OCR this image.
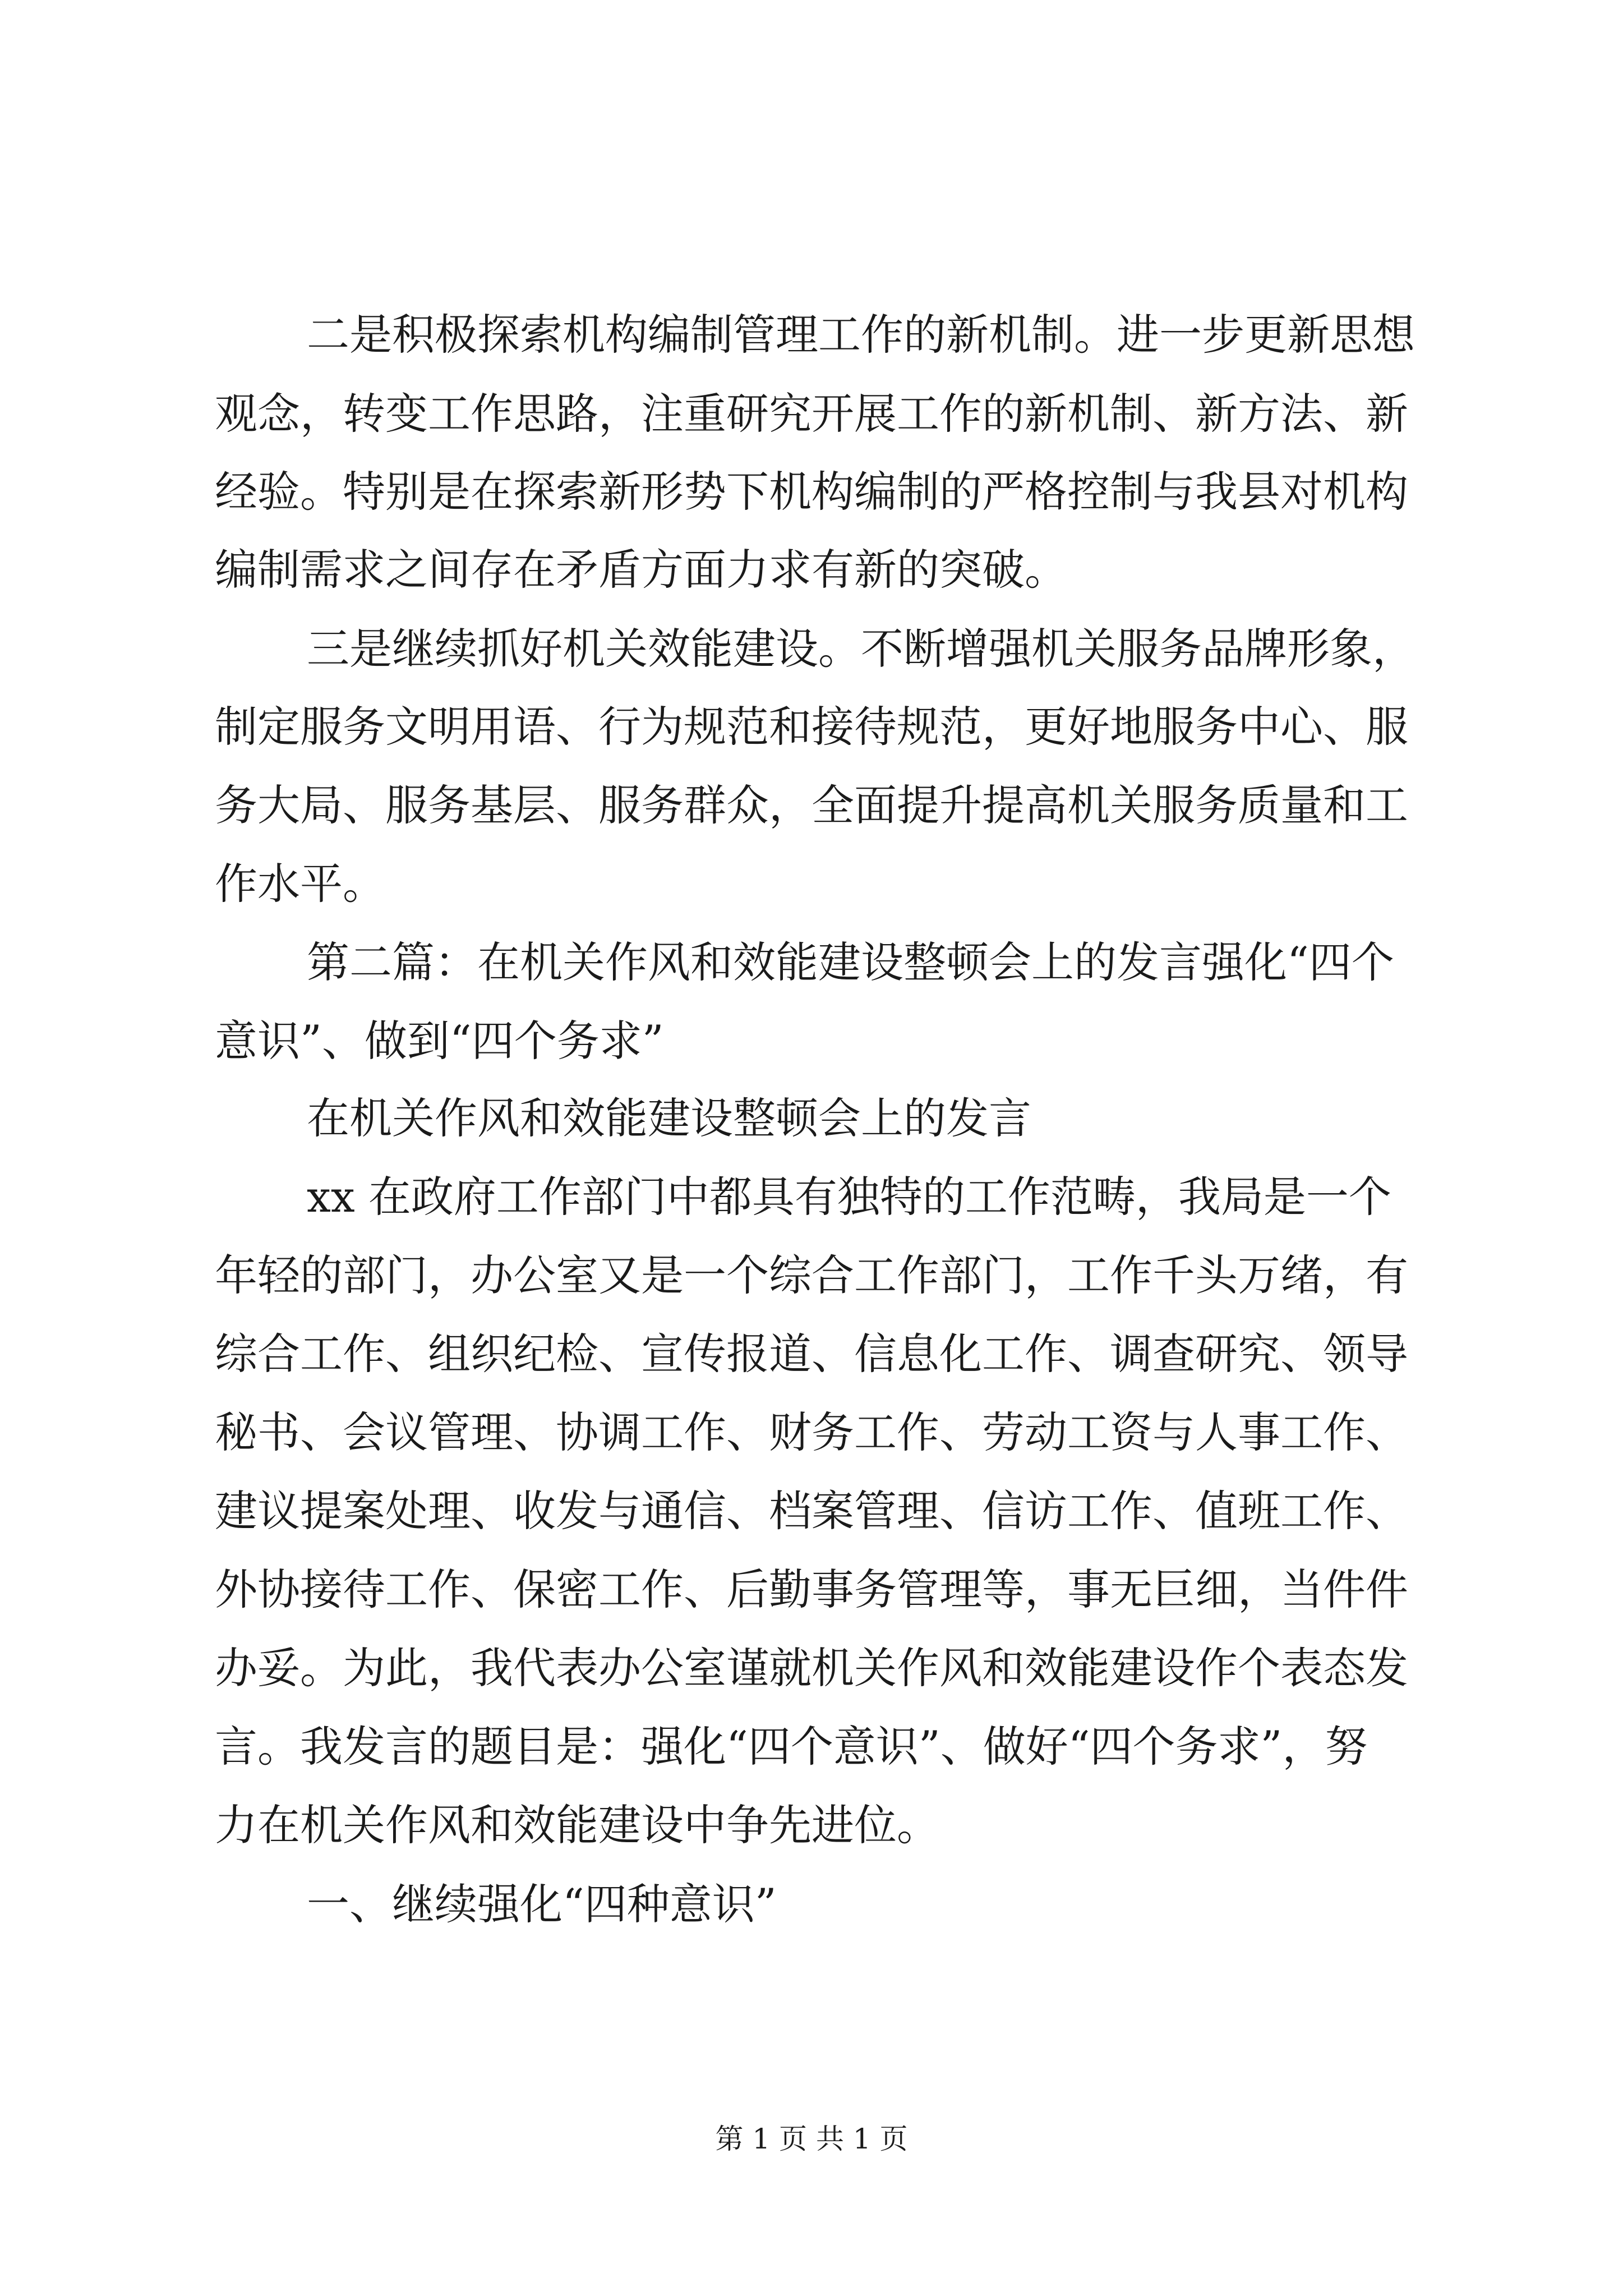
二是积极探索机构编制管理工作的新机制。进一步更新思想

观念，转变工作思路，注重研究开展工作的新机制、新方法、新

经验。特别是在探索新形势下机构编制的严格控制与我县对机构

编制需求之间存在矛盾方面力求有新的突破。

三是继续抓好机关效能建设。不断增强机关服务品牌形象，

制定服务文明用语、行为规范和接待规范，更好地服务中心、服

务大局、服务基层、服务群众，全面提升提高机关服务质量和工

作水平。

第二篇：在机关作风和效能建设整顿会上的发言强化“四个

意识”、做到“四个务求”

在机关作风和效能建设整顿会上的发言

xx 在政府工作部门中都具有独特的工作范畴，我局是一个

年轻的部门，办公室又是一个综合工作部门，工作千头万绪，有

综合工作、组织纪检、宣传报道、信息化工作、调查研究、领导

秘书、会议管理、协调工作、财务工作、劳动工资与人事工作、

建议提案处理、收发与通信、档案管理、信访工作、值班工作、

外协接待工作、保密工作、后勤事务管理等，事无巨细，当件件

办妥。为此，我代表办公室谨就机关作风和效能建设作个表态发

言。我发言的题目是：强化“四个意识”、做好“四个务求”，努

力在机关作风和效能建设中争先进位。

一、继续强化“四种意识”

第 1 页 共 1 页
